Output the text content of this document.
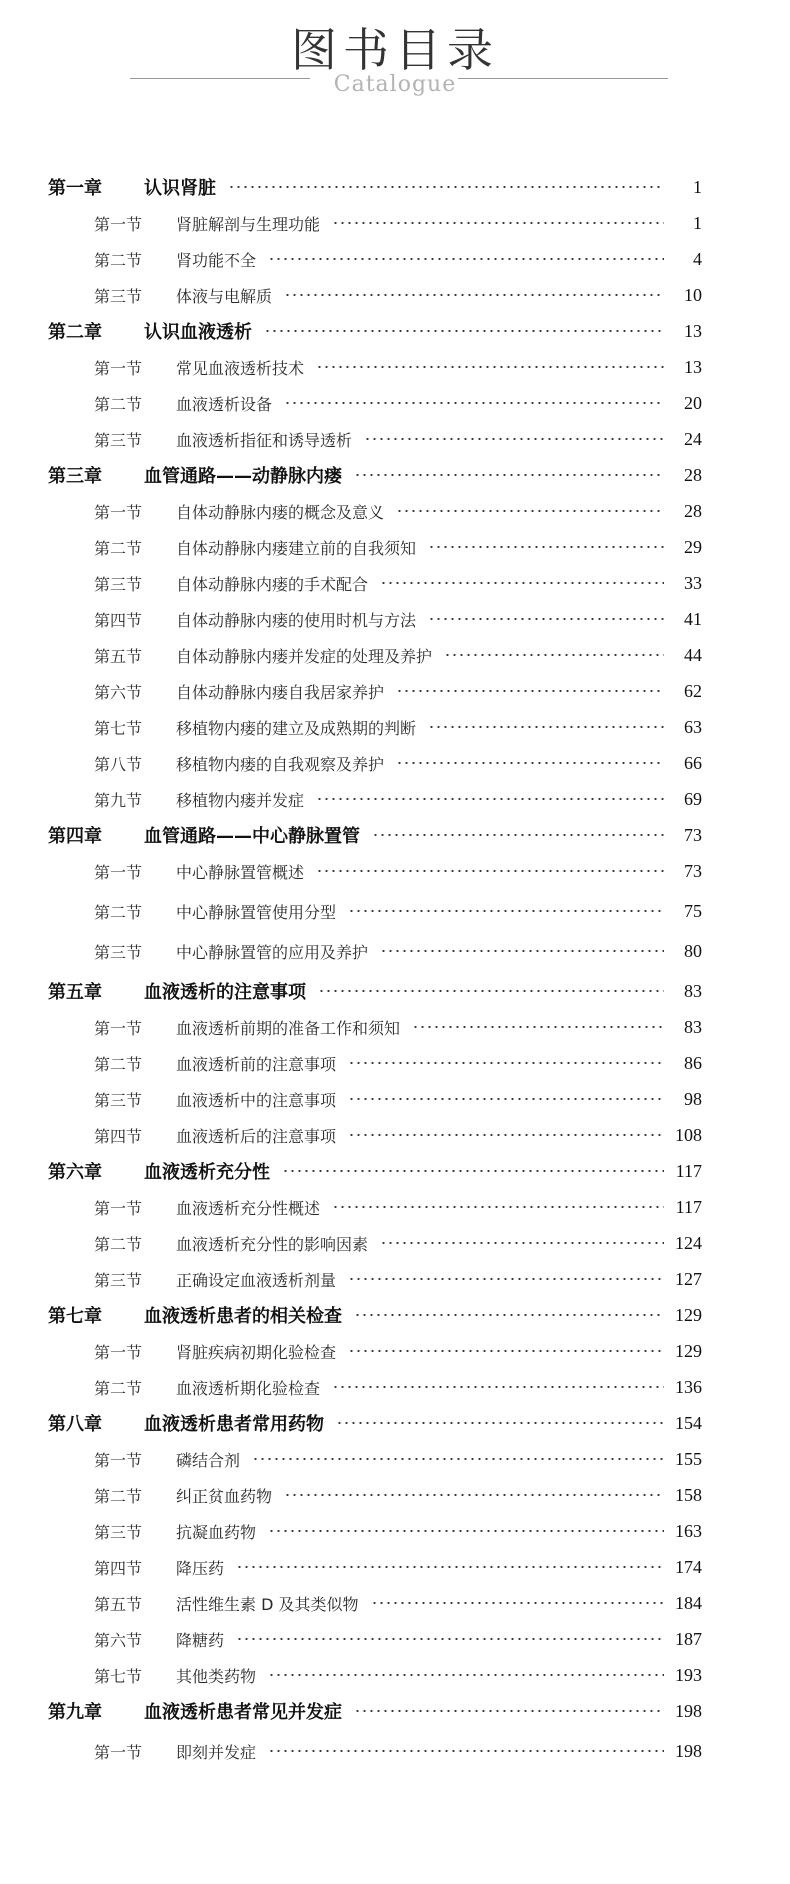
图书目录
Catalogue
第一章	认识肾脏	1
第一节	肾脏解剖与生理功能	1
第二节	肾功能不全	4
第三节	体液与电解质	10
第二章	认识血液透析	13
第一节	常见血液透析技术	13
第二节	血液透析设备	20
第三节	血液透析指征和诱导透析	24
第三章	血管通路——动静脉内瘘	28
第一节	自体动静脉内瘘的概念及意义	28
第二节	自体动静脉内瘘建立前的自我须知	29
第三节	自体动静脉内瘘的手术配合	33
第四节	自体动静脉内瘘的使用时机与方法	41
第五节	自体动静脉内瘘并发症的处理及养护	44
第六节	自体动静脉内瘘自我居家养护	62
第七节	移植物内瘘的建立及成熟期的判断	63
第八节	移植物内瘘的自我观察及养护	66
第九节	移植物内瘘并发症	69
第四章	血管通路——中心静脉置管	73
第一节	中心静脉置管概述	73
第二节	中心静脉置管使用分型	75
第三节	中心静脉置管的应用及养护	80
第五章	血液透析的注意事项	83
第一节	血液透析前期的准备工作和须知	83
第二节	血液透析前的注意事项	86
第三节	血液透析中的注意事项	98
第四节	血液透析后的注意事项	108
第六章	血液透析充分性	117
第一节	血液透析充分性概述	117
第二节	血液透析充分性的影响因素	124
第三节	正确设定血液透析剂量	127
第七章	血液透析患者的相关检查	129
第一节	肾脏疾病初期化验检查	129
第二节	血液透析期化验检查	136
第八章	血液透析患者常用药物	154
第一节	磷结合剂	155
第二节	纠正贫血药物	158
第三节	抗凝血药物	163
第四节	降压药	174
第五节	活性维生素 D 及其类似物	184
第六节	降糖药	187
第七节	其他类药物	193
第九章	血液透析患者常见并发症	198
第一节	即刻并发症	198
